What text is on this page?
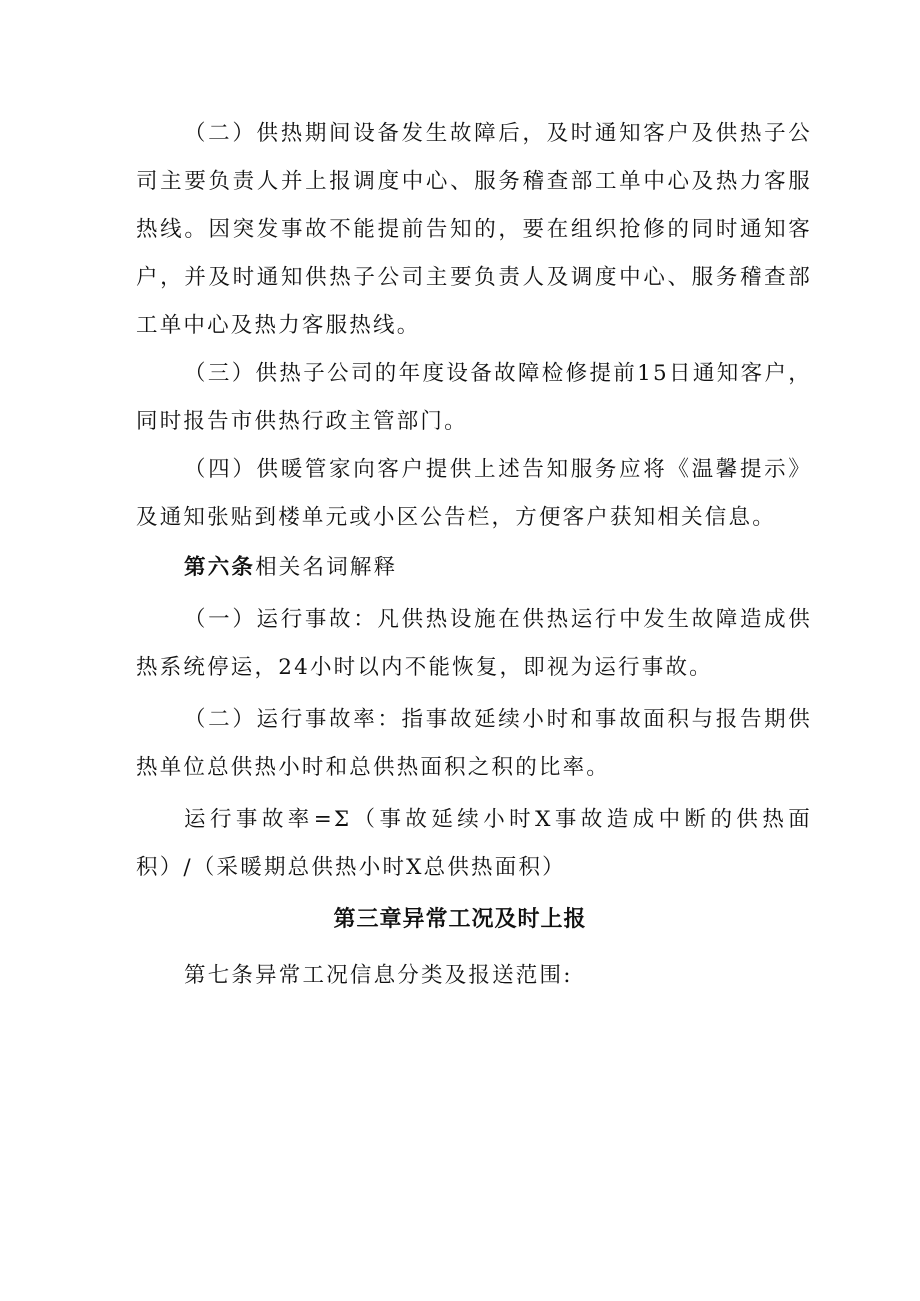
（二）供热期间设备发生故障后，及时通知客户及供热子公司主要负责人并上报调度中心、服务稽查部工单中心及热力客服热线。因突发事故不能提前告知的，要在组织抢修的同时通知客户，并及时通知供热子公司主要负责人及调度中心、服务稽查部工单中心及热力客服热线。

（三）供热子公司的年度设备故障检修提前15日通知客户，同时报告市供热行政主管部门。

（四）供暖管家向客户提供上述告知服务应将《温馨提示》及通知张贴到楼单元或小区公告栏，方便客户获知相关信息。

第六条相关名词解释

（一）运行事故：凡供热设施在供热运行中发生故障造成供热系统停运，24小时以内不能恢复，即视为运行事故。

（二）运行事故率：指事故延续小时和事故面积与报告期供热单位总供热小时和总供热面积之积的比率。

运行事故率=Σ（事故延续小时X事故造成中断的供热面积）/（采暖期总供热小时X总供热面积）

第三章异常工况及时上报

第七条异常工况信息分类及报送范围:
